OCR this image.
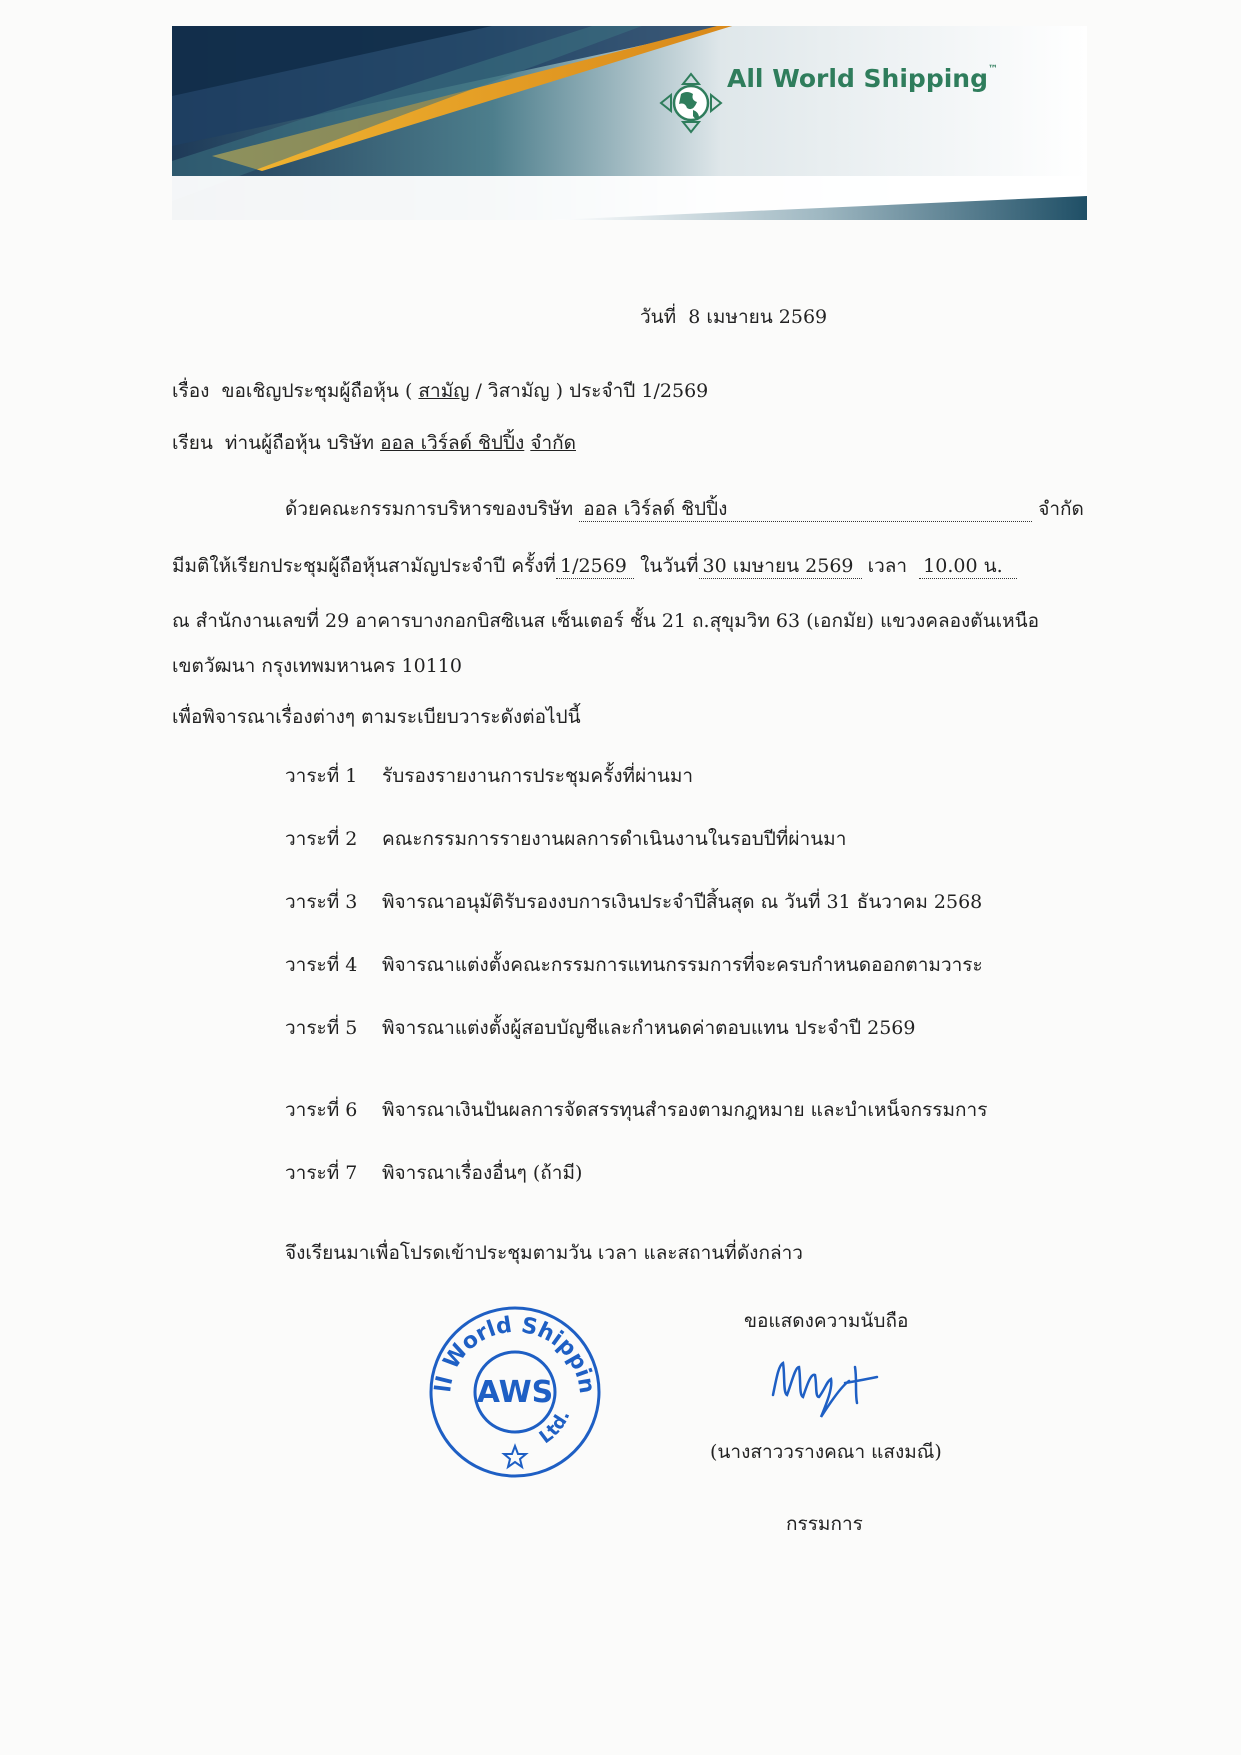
All World Shipping™
วันที่ 8 เมษายน 2569
เรื่อง ขอเชิญประชุมผู้ถือหุ้น ( สามัญ / วิสามัญ ) ประจำปี 1/2569
เรียน ท่านผู้ถือหุ้น บริษัท ออล เวิร์ลด์ ชิปปิ้ง จำกัด
ด้วยคณะกรรมการบริหารของบริษัท ออล เวิร์ลด์ ชิปปิ้ง	จำกัด
มีมติให้เรียกประชุมผู้ถือหุ้นสามัญประจำปี ครั้งที่ 1/2569 ในวันที่ 30 เมษายน 2569 เวลา 10.00 น.
ณ สำนักงานเลขที่ 29 อาคารบางกอกบิสซิเนส เซ็นเตอร์ ชั้น 21 ถ.สุขุมวิท 63 (เอกมัย) แขวงคลองตันเหนือ
เขตวัฒนา กรุงเทพมหานคร 10110
เพื่อพิจารณาเรื่องต่างๆ ตามระเบียบวาระดังต่อไปนี้
วาระที่ 1 รับรองรายงานการประชุมครั้งที่ผ่านมา
วาระที่ 2 คณะกรรมการรายงานผลการดำเนินงานในรอบปีที่ผ่านมา
วาระที่ 3 พิจารณาอนุมัติรับรองงบการเงินประจำปีสิ้นสุด ณ วันที่ 31 ธันวาคม 2568
วาระที่ 4 พิจารณาแต่งตั้งคณะกรรมการแทนกรรมการที่จะครบกำหนดออกตามวาระ
วาระที่ 5 พิจารณาแต่งตั้งผู้สอบบัญชีและกำหนดค่าตอบแทน ประจำปี 2569
วาระที่ 6 พิจารณาเงินปันผลการจัดสรรทุนสำรองตามกฎหมาย และบำเหน็จกรรมการ
วาระที่ 7 พิจารณาเรื่องอื่นๆ (ถ้ามี)
จึงเรียนมาเพื่อโปรดเข้าประชุมตามวัน เวลา และสถานที่ดังกล่าว
ขอแสดงความนับถือ
ll World Shippin
Ltd.
AWS
(นางสาววรางคณา แสงมณี)
กรรมการ
